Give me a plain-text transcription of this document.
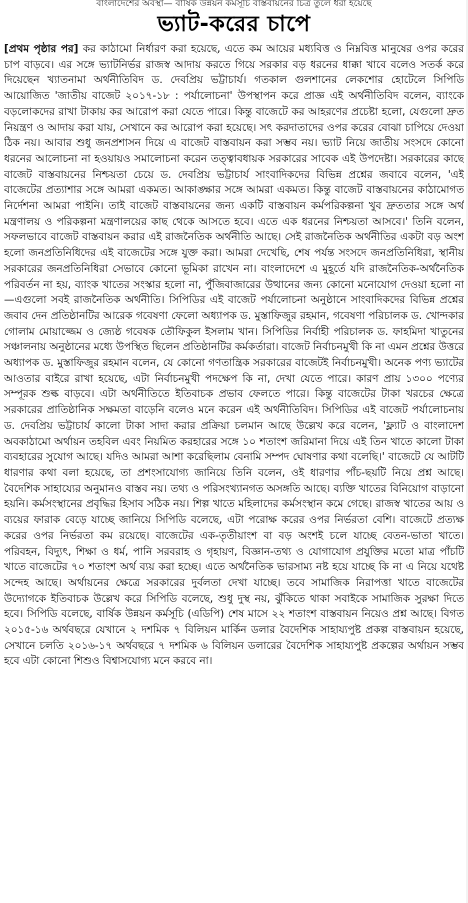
বাংলাদেশের অবস্থা— বার্ষিক উন্নয়ন কর্মসূচি বাস্তবায়নের চিত্র তুলে ধরা হয়েছে
ভ্যাট-করের চাপে

[প্রথম পৃষ্ঠার পর] কর কাঠামো নির্ধারণ করা হয়েছে, এতে কম আয়ের মধ্যবিত্ত ও নিম্নবিত্ত মানুষের ওপর করের চাপ বাড়বে। এর সঙ্গে ভ্যাটনির্ভর রাজস্ব আদায় করতে গিয়ে সরকার বড় ধরনের ধাক্কা খাবে বলেও সতর্ক করে দিয়েছেন খ্যাতনামা অর্থনীতিবিদ ড. দেবপ্রিয় ভট্টাচার্য। গতকাল গুলশানের লেকশোর হোটেলে সিপিডি আয়োজিত 'জাতীয় বাজেট ২০১৭-১৮ : পর্যালোচনা' উপস্থাপন করে প্রাজ্ঞ এই অর্থনীতিবিদ বলেন, ব্যাংকে বড়লোকদের রাখা টাকায় কর আরোপ করা যেতে পারে। কিন্তু বাজেটে কর আহরণের প্রচেষ্টা হলো, যেগুলো দ্রুত নিয়ন্ত্রণ ও আদায় করা যায়, সেখানে কর আরোপ করা হয়েছে। সৎ করদাতাদের ওপর করের বোঝা চাপিয়ে দেওয়া ঠিক নয়। আবার শুধু জনপ্রশাসন দিয়ে এ বাজেট বাস্তবায়ন করা সম্ভব নয়। ভ্যাট নিয়ে জাতীয় সংসদে কোনো ধরনের আলোচনা না হওয়ায়ও সমালোচনা করেন তত্ত্বাবধায়ক সরকারের সাবেক এই উপদেষ্টা। সরকারের কাছে বাজেট বাস্তবায়নের নিশ্চয়তা চেয়ে ড. দেবপ্রিয় ভট্টাচার্য সাংবাদিকদের বিভিন্ন প্রশ্নের জবাবে বলেন, 'এই বাজেটের প্রত্যাশার সঙ্গে আমরা একমত। আকাঙ্ক্ষার সঙ্গে আমরা একমত। কিন্তু বাজেট বাস্তবায়নের কাঠামোগত নির্দেশনা আমরা পাইনি। তাই বাজেট বাস্তবায়নের জন্য একটি বাস্তবায়ন কর্মপরিকল্পনা খুব দ্রুততার সঙ্গে অর্থ মন্ত্রণালয় ও পরিকল্পনা মন্ত্রণালয়ের কাছ থেকে আসতে হবে। এতে এক ধরনের নিশ্চয়তা আসবে।' তিনি বলেন, সফলভাবে বাজেট বাস্তবায়ন করার এই রাজনৈতিক অর্থনীতি আছে। সেই রাজনৈতিক অর্থনীতির একটা বড় অংশ হলো জনপ্রতিনিধিদের এই বাজেটের সঙ্গে যুক্ত করা। আমরা দেখেছি, শেষ পর্যন্ত সংসদে জনপ্রতিনিধিরা, স্থানীয় সরকারের জনপ্রতিনিধিরা সেভাবে কোনো ভূমিকা রাখেন না। বাংলাদেশে এ মুহূর্তে যদি রাজনৈতিক-অর্থনৈতিক পরিবর্তন না হয়, ব্যাংক খাতের সংস্কার হলো না, পুঁজিবাজারের উত্থানের জন্য কোনো মনোযোগ দেওয়া হলো না—এগুলো সবই রাজনৈতিক অর্থনীতি। সিপিডির এই বাজেট পর্যালোচনা অনুষ্ঠানে সাংবাদিকদের বিভিন্ন প্রশ্নের জবাব দেন প্রতিষ্ঠানটির আরেক গবেষণা ফেলো অধ্যাপক ড. মুস্তাফিজুর রহমান, গবেষণা পরিচালক ড. খোন্দকার গোলাম মোয়াজ্জেম ও জ্যেষ্ঠ গবেষক তৌফিকুল ইসলাম খান। সিপিডির নির্বাহী পরিচালক ড. ফাহমিদা খাতুনের সঞ্চালনায় অনুষ্ঠানের মধ্যে উপস্থিত ছিলেন প্রতিষ্ঠানটির কর্মকর্তারা। বাজেট নির্বাচনমুখী কি না এমন প্রশ্নের উত্তরে অধ্যাপক ড. মুস্তাফিজুর রহমান বলেন, যে কোনো গণতান্ত্রিক সরকারের বাজেটই নির্বাচনমুখী। অনেক পণ্য ভ্যাটের আওতার বাইরে রাখা হয়েছে, এটা নির্বাচনমুখী পদক্ষেপ কি না, দেখা যেতে পারে। কারণ প্রায় ১৩০০ পণ্যের সম্পূরক শুল্ক বাড়বে। এটা অর্থনীতিতে ইতিবাচক প্রভাব ফেলতে পারে। কিন্তু বাজেটের টাকা খরচের ক্ষেত্রে সরকারের প্রাতিষ্ঠানিক সক্ষমতা বাড়েনি বলেও মনে করেন এই অর্থনীতিবিদ। সিপিডির এই বাজেট পর্যালোচনায় ড. দেবপ্রিয় ভট্টাচার্য কালো টাকা সাদা করার প্রক্রিয়া চলমান আছে উল্লেখ করে বলেন, 'ফ্ল্যাট ও বাংলাদেশ অবকাঠামো অর্থায়ন তহবিল এবং নিয়মিত করহারের সঙ্গে ১০ শতাংশ জরিমানা দিয়ে এই তিন খাতে কালো টাকা ব্যবহারের সুযোগ আছে। যদিও আমরা আশা করেছিলাম বেনামি সম্পদ ঘোষণার কথা বলেছি।' বাজেটে যে আটটি ধারণার কথা বলা হয়েছে, তা প্রশংসাযোগ্য জানিয়ে তিনি বলেন, ওই ধারণার পাঁচ-ছয়টি নিয়ে প্রশ্ন আছে। বৈদেশিক সাহায্যের অনুমানও বাস্তব নয়। তথ্য ও পরিসংখ্যানগত অসঙ্গতি আছে। ব্যক্তি খাতের বিনিয়োগ বাড়ানো হয়নি। কর্মসংস্থানের প্রবৃদ্ধির হিসাব সঠিক নয়। শিল্প খাতে মহিলাদের কর্মসংস্থান কমে গেছে। রাজস্ব খাতের আয় ও ব্যয়ের ফারাক বেড়ে যাচ্ছে জানিয়ে সিপিডি বলেছে, এটা পরোক্ষ করের ওপর নির্ভরতা বেশি। বাজেটে প্রত্যক্ষ করের ওপর নির্ভরতা কম রয়েছে। বাজেটের এক-তৃতীয়াংশ বা বড় অংশই চলে যাচ্ছে বেতন-ভাতা খাতে। পরিবহন, বিদ্যুৎ, শিক্ষা ও ধর্ম, পানি সরবরাহ ও গৃহায়ণ, বিজ্ঞান-তথ্য ও যোগাযোগ প্রযুক্তির মতো মাত্র পাঁচটি খাতে বাজেটের ৭০ শতাংশ অর্থ ব্যয় করা হচ্ছে। এতে অর্থনৈতিক ভারসাম্য নষ্ট হয়ে যাচ্ছে কি না এ নিয়ে যথেষ্ট সন্দেহ আছে। অর্থায়নের ক্ষেত্রে সরকারের দুর্বলতা দেখা যাচ্ছে। তবে সামাজিক নিরাপত্তা খাতে বাজেটের উদ্যোগকে ইতিবাচক উল্লেখ করে সিপিডি বলেছে, শুধু দুস্থ নয়, ঝুঁকিতে থাকা সবাইকে সামাজিক সুরক্ষা দিতে হবে। সিপিডি বলেছে, বার্ষিক উন্নয়ন কর্মসূচি (এডিপি) শেষ মাসে ২২ শতাংশ বাস্তবায়ন নিয়েও প্রশ্ন আছে। বিগত ২০১৫-১৬ অর্থবছরে যেখানে ২ দশমিক ৭ বিলিয়ন মার্কিন ডলার বৈদেশিক সাহায্যপুষ্ট প্রকল্প বাস্তবায়ন হয়েছে, সেখানে চলতি ২০১৬-১৭ অর্থবছরে ৭ দশমিক ৬ বিলিয়ন ডলারের বৈদেশিক সাহায্যপুষ্ট প্রকল্পের অর্থায়ন সম্ভব হবে এটা কোনো শিশুও বিশ্বাসযোগ্য মনে করবে না।
